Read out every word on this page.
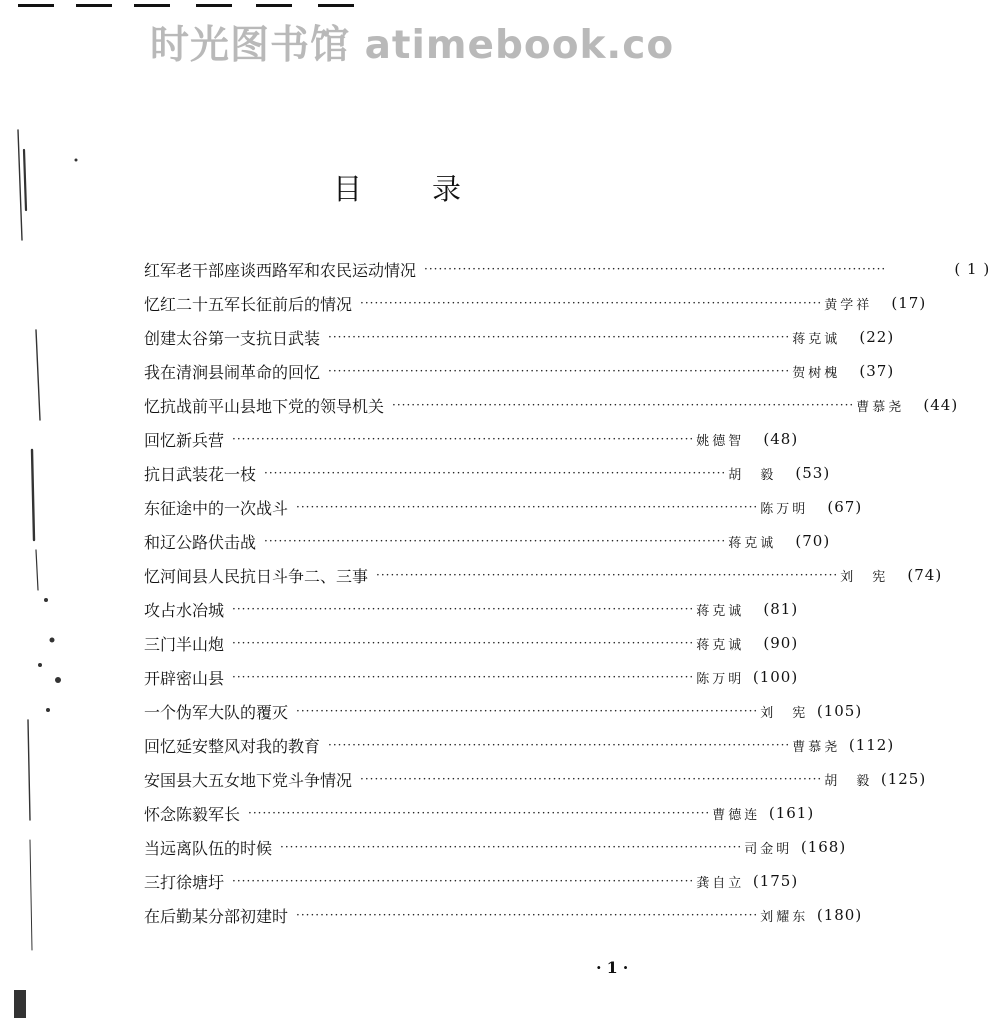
时光图书馆 atimebook.co
目录
红军老干部座谈西路军和农民运动情况 ································································································	( 1 )
忆红二十五军长征前后的情况 ································································································ 黄学祥	(17)
创建太谷第一支抗日武装 ································································································ 蒋克诚	(22)
我在清涧县闹革命的回忆 ································································································ 贺树槐	(37)
忆抗战前平山县地下党的领导机关 ································································································ 曹慕尧	(44)
回忆新兵营 ································································································ 姚德智	(48)
抗日武装花一枝 ································································································ 胡　毅	(53)
东征途中的一次战斗 ································································································ 陈万明	(67)
和辽公路伏击战 ································································································ 蒋克诚	(70)
忆河间县人民抗日斗争二、三事 ································································································ 刘　宪	(74)
攻占水冶城 ································································································ 蒋克诚	(81)
三门半山炮 ································································································ 蒋克诚	(90)
开辟密山县 ································································································ 陈万明 (100)
一个伪军大队的覆灭 ································································································ 刘　宪 (105)
回忆延安整风对我的教育 ································································································ 曹慕尧 (112)
安国县大五女地下党斗争情况 ································································································ 胡　毅 (125)
怀念陈毅军长 ································································································ 曹德连 (161)
当远离队伍的时候 ································································································ 司金明 (168)
三打徐塘圩 ································································································ 龚自立 (175)
在后勤某分部初建时 ································································································ 刘耀东 (180)
·1·
